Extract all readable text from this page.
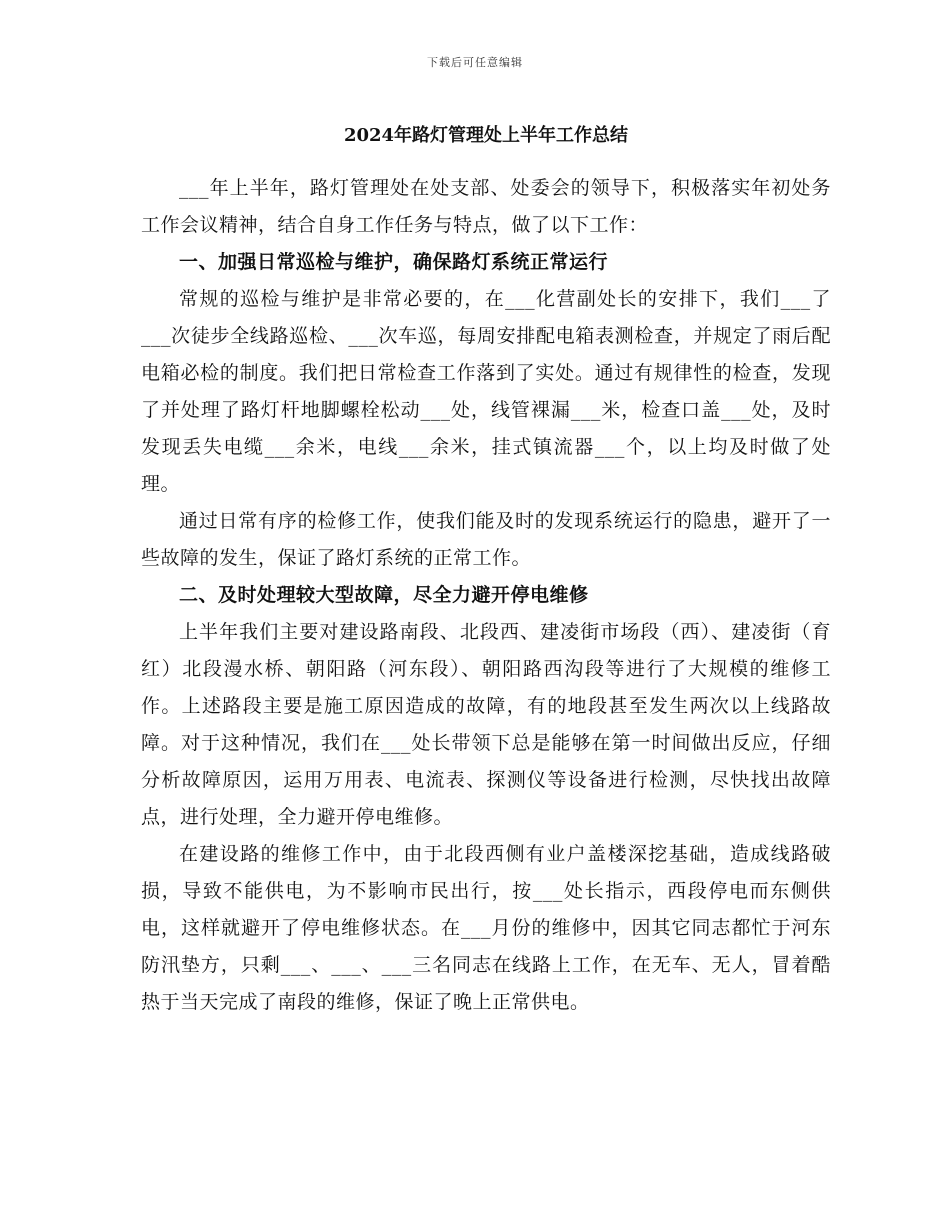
下载后可任意编辑
2024年路灯管理处上半年工作总结

___年上半年，路灯管理处在处支部、处委会的领导下，积极落实年初处务工作会议精神，结合自身工作任务与特点，做了以下工作：

一、加强日常巡检与维护，确保路灯系统正常运行

常规的巡检与维护是非常必要的，在___化营副处长的安排下，我们___了___次徒步全线路巡检、___次车巡，每周安排配电箱表测检查，并规定了雨后配电箱必检的制度。我们把日常检查工作落到了实处。通过有规律性的检查，发现了并处理了路灯杆地脚螺栓松动___处，线管裸漏___米，检查口盖___处，及时发现丢失电缆___余米，电线___余米，挂式镇流器___个，以上均及时做了处理。

通过日常有序的检修工作，使我们能及时的发现系统运行的隐患，避开了一些故障的发生，保证了路灯系统的正常工作。

二、及时处理较大型故障，尽全力避开停电维修

上半年我们主要对建设路南段、北段西、建凌街市场段（西）、建凌街（育红）北段漫水桥、朝阳路（河东段）、朝阳路西沟段等进行了大规模的维修工作。上述路段主要是施工原因造成的故障，有的地段甚至发生两次以上线路故障。对于这种情况，我们在___处长带领下总是能够在第一时间做出反应，仔细分析故障原因，运用万用表、电流表、探测仪等设备进行检测，尽快找出故障点，进行处理，全力避开停电维修。

在建设路的维修工作中，由于北段西侧有业户盖楼深挖基础，造成线路破损，导致不能供电，为不影响市民出行，按___处长指示，西段停电而东侧供电，这样就避开了停电维修状态。在___月份的维修中，因其它同志都忙于河东防汛垫方，只剩___、___、___三名同志在线路上工作，在无车、无人，冒着酷热于当天完成了南段的维修，保证了晚上正常供电。
